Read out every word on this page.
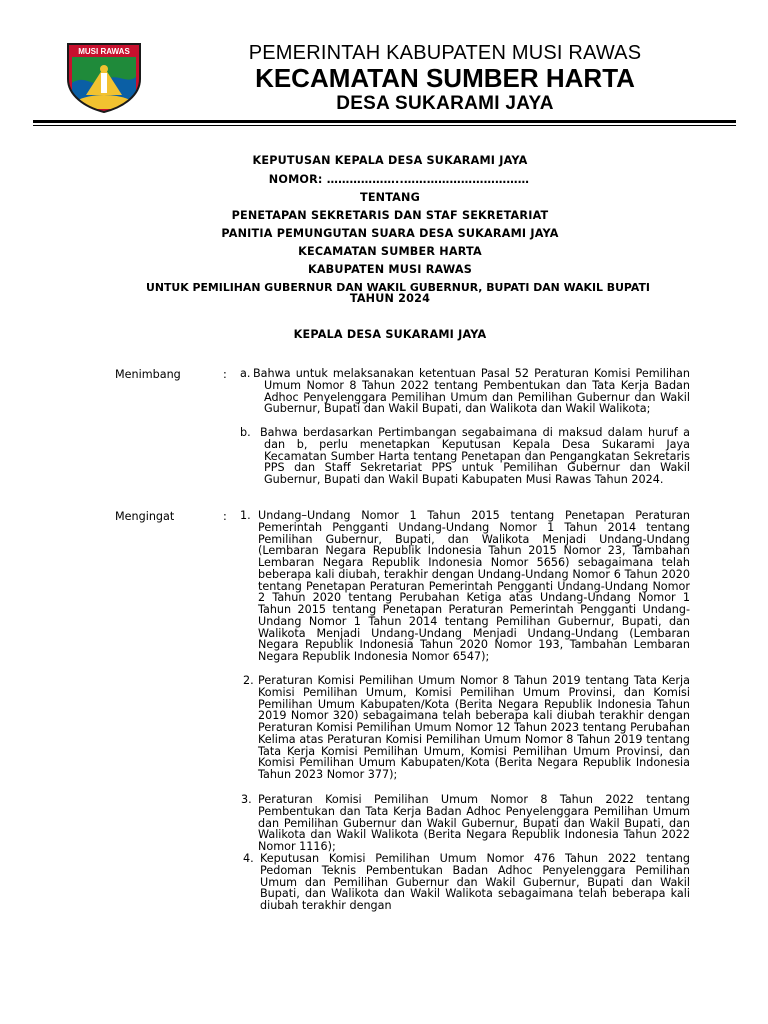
MUSI RAWAS	PEMERINTAH KABUPATEN MUSI RAWAS
KECAMATAN SUMBER HARTA
DESA SUKARAMI JAYA
KEPUTUSAN KEPALA DESA SUKARAMI JAYA
NOMOR: ………………..……………………………
TENTANG
PENETAPAN SEKRETARIS DAN STAF SEKRETARIAT
PANITIA PEMUNGUTAN SUARA DESA SUKARAMI JAYA
KECAMATAN SUMBER HARTA
KABUPATEN MUSI RAWAS
UNTUK PEMILIHAN GUBERNUR DAN WAKIL GUBERNUR, BUPATI DAN WAKIL BUPATI
TAHUN 2024
KEPALA DESA SUKARAMI JAYA
Menimbang	: a. Bahwa untuk melaksanakan ketentuan Pasal 52 Peraturan Komisi Pemilihan Umum Nomor 8 Tahun 2022 tentang Pembentukan dan Tata Kerja Badan Adhoc Penyelenggara Pemilihan Umum dan Pemilihan Gubernur dan Wakil Gubernur, Bupati dan Wakil Bupati, dan Walikota dan Wakil Walikota;
b. Bahwa berdasarkan Pertimbangan segabaimana di maksud dalam huruf a dan b, perlu menetapkan Keputusan Kepala Desa Sukarami Jaya Kecamatan Sumber Harta tentang Penetapan dan Pengangkatan Sekretaris PPS dan Staff Sekretariat PPS untuk Pemilihan Gubernur dan Wakil Gubernur, Bupati dan Wakil Bupati Kabupaten Musi Rawas Tahun 2024.
Mengingat	: 1. Undang–Undang Nomor 1 Tahun 2015 tentang Penetapan Peraturan Pemerintah Pengganti Undang-Undang Nomor 1 Tahun 2014 tentang Pemilihan Gubernur, Bupati, dan Walikota Menjadi Undang-Undang (Lembaran Negara Republik Indonesia Tahun 2015 Nomor 23, Tambahan Lembaran Negara Republik Indonesia Nomor 5656) sebagaimana telah beberapa kali diubah, terakhir dengan Undang-Undang Nomor 6 Tahun 2020 tentang Penetapan Peraturan Pemerintah Pengganti Undang-Undang Nomor 2 Tahun 2020 tentang Perubahan Ketiga atas Undang-Undang Nomor 1 Tahun 2015 tentang Penetapan Peraturan Pemerintah Pengganti Undang-Undang Nomor 1 Tahun 2014 tentang Pemilihan Gubernur, Bupati, dan Walikota Menjadi Undang-Undang Menjadi Undang-Undang (Lembaran Negara Republik Indonesia Tahun 2020 Nomor 193, Tambahan Lembaran Negara Republik Indonesia Nomor 6547);
2. Peraturan Komisi Pemilihan Umum Nomor 8 Tahun 2019 tentang Tata Kerja Komisi Pemilihan Umum, Komisi Pemilihan Umum Provinsi, dan Komisi Pemilihan Umum Kabupaten/Kota (Berita Negara Republik Indonesia Tahun 2019 Nomor 320) sebagaimana telah beberapa kali diubah terakhir dengan Peraturan Komisi Pemilihan Umum Nomor 12 Tahun 2023 tentang Perubahan Kelima atas Peraturan Komisi Pemilihan Umum Nomor 8 Tahun 2019 tentang Tata Kerja Komisi Pemilihan Umum, Komisi Pemilihan Umum Provinsi, dan Komisi Pemilihan Umum Kabupaten/Kota (Berita Negara Republik Indonesia Tahun 2023 Nomor 377);
3. Peraturan Komisi Pemilihan Umum Nomor 8 Tahun 2022 tentang Pembentukan dan Tata Kerja Badan Adhoc Penyelenggara Pemilihan Umum dan Pemilihan Gubernur dan Wakil Gubernur, Bupati dan Wakil Bupati, dan Walikota dan Wakil Walikota (Berita Negara Republik Indonesia Tahun 2022 Nomor 1116);
4. Keputusan Komisi Pemilihan Umum Nomor 476 Tahun 2022 tentang Pedoman Teknis Pembentukan Badan Adhoc Penyelenggara Pemilihan Umum dan Pemilihan Gubernur dan Wakil Gubernur, Bupati dan Wakil Bupati, dan Walikota dan Wakil Walikota sebagaimana telah beberapa kali diubah terakhir dengan
